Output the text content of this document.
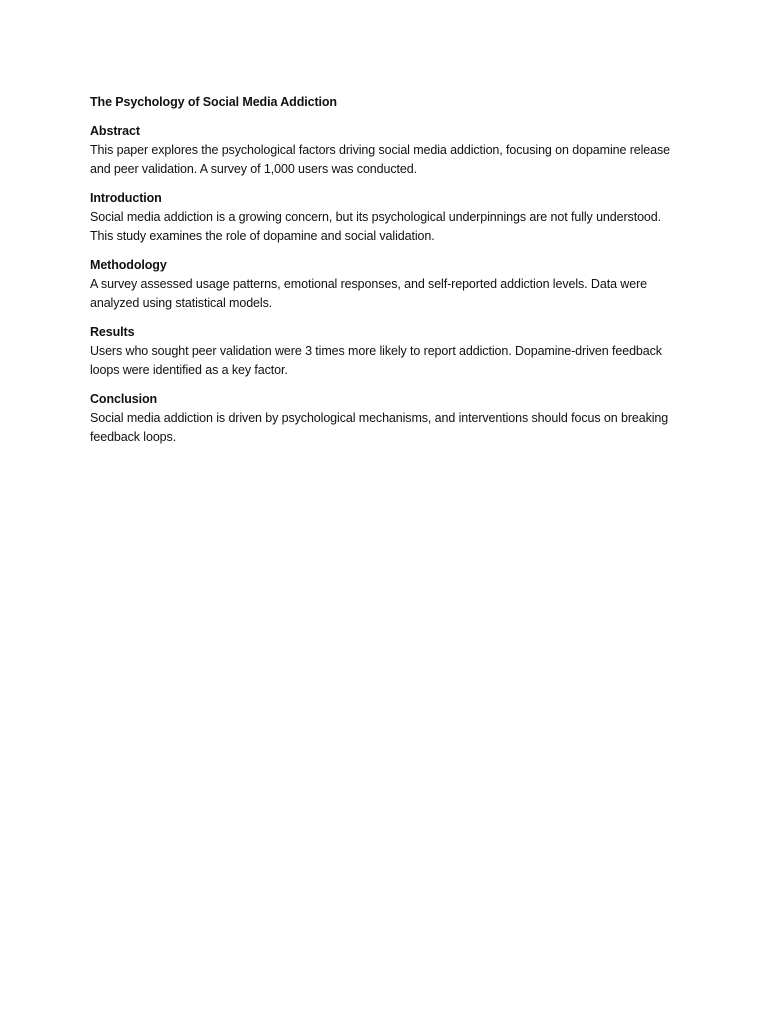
The Psychology of Social Media Addiction
Abstract

This paper explores the psychological factors driving social media addiction, focusing on dopamine release and peer validation. A survey of 1,000 users was conducted.

Introduction

Social media addiction is a growing concern, but its psychological underpinnings are not fully understood. This study examines the role of dopamine and social validation.

Methodology

A survey assessed usage patterns, emotional responses, and self-reported addiction levels. Data were analyzed using statistical models.

Results

Users who sought peer validation were 3 times more likely to report addiction. Dopamine-driven feedback loops were identified as a key factor.

Conclusion

Social media addiction is driven by psychological mechanisms, and interventions should focus on breaking feedback loops.
